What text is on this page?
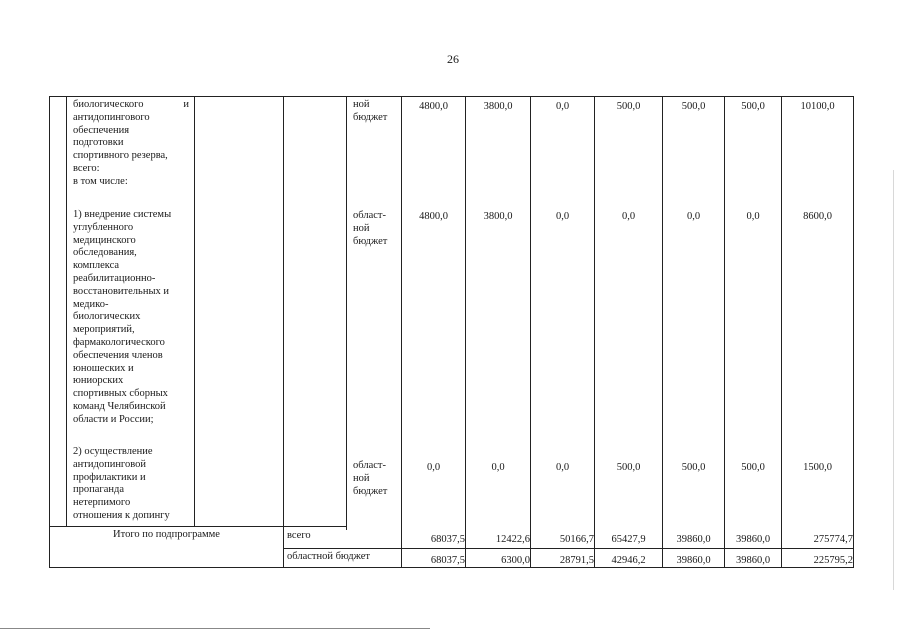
26
биологического	и
антидопингового
обеспечения
подготовки
спортивного резерва,
всего:
в том числе:
ной
бюджет
4800,0	3800,0	0,0	500,0	500,0	500,0	10100,0
1) внедрение системы
углубленного
медицинского
обследования,
комплекса
реабилитационно-
восстановительных и
медико-
биологических
мероприятий,
фармакологического
обеспечения членов
юношеских и
юниорских
спортивных сборных
команд Челябинской
области и России;
област-
ной
бюджет
4800,0	3800,0	0,0	0,0	0,0	0,0	8600,0
2) осуществление
антидопинговой
профилактики и
пропаганда
нетерпимого
отношения к допингу
област-
ной
бюджет
0,0	0,0	0,0	500,0	500,0	500,0	1500,0
Итого по подпрограмме	всего	68037,5	12422,6	50166,7	65427,9	39860,0	39860,0	275774,7
областной бюджет	68037,5	6300,0	28791,5	42946,2	39860,0	39860,0	225795,2
